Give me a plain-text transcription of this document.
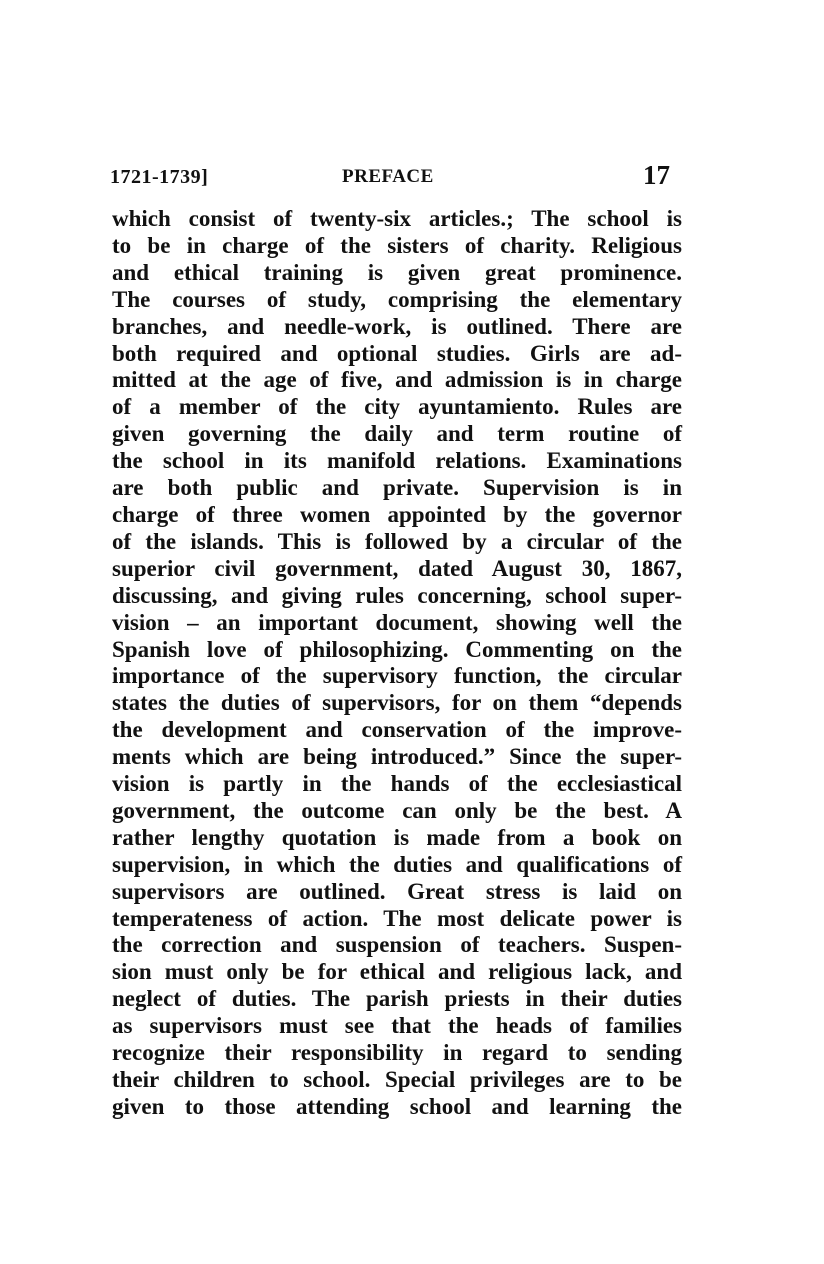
1721-1739]	PREFACE	17
which consist of twenty-six articles.; The school is
to be in charge of the sisters of charity. Religious
and ethical training is given great prominence.
The courses of study, comprising the elementary
branches, and needle-work, is outlined. There are
both required and optional studies. Girls are ad-
mitted at the age of five, and admission is in charge
of a member of the city ayuntamiento. Rules are
given governing the daily and term routine of
the school in its manifold relations. Examinations
are both public and private. Supervision is in
charge of three women appointed by the governor
of the islands. This is followed by a circular of the
superior civil government, dated August 30, 1867,
discussing, and giving rules concerning, school super-
vision – an important document, showing well the
Spanish love of philosophizing. Commenting on the
importance of the supervisory function, the circular
states the duties of supervisors, for on them “depends
the development and conservation of the improve-
ments which are being introduced.” Since the super-
vision is partly in the hands of the ecclesiastical
government, the outcome can only be the best. A
rather lengthy quotation is made from a book on
supervision, in which the duties and qualifications of
supervisors are outlined. Great stress is laid on
temperateness of action. The most delicate power is
the correction and suspension of teachers. Suspen-
sion must only be for ethical and religious lack, and
neglect of duties. The parish priests in their duties
as supervisors must see that the heads of families
recognize their responsibility in regard to sending
their children to school. Special privileges are to be
given to those attending school and learning the
